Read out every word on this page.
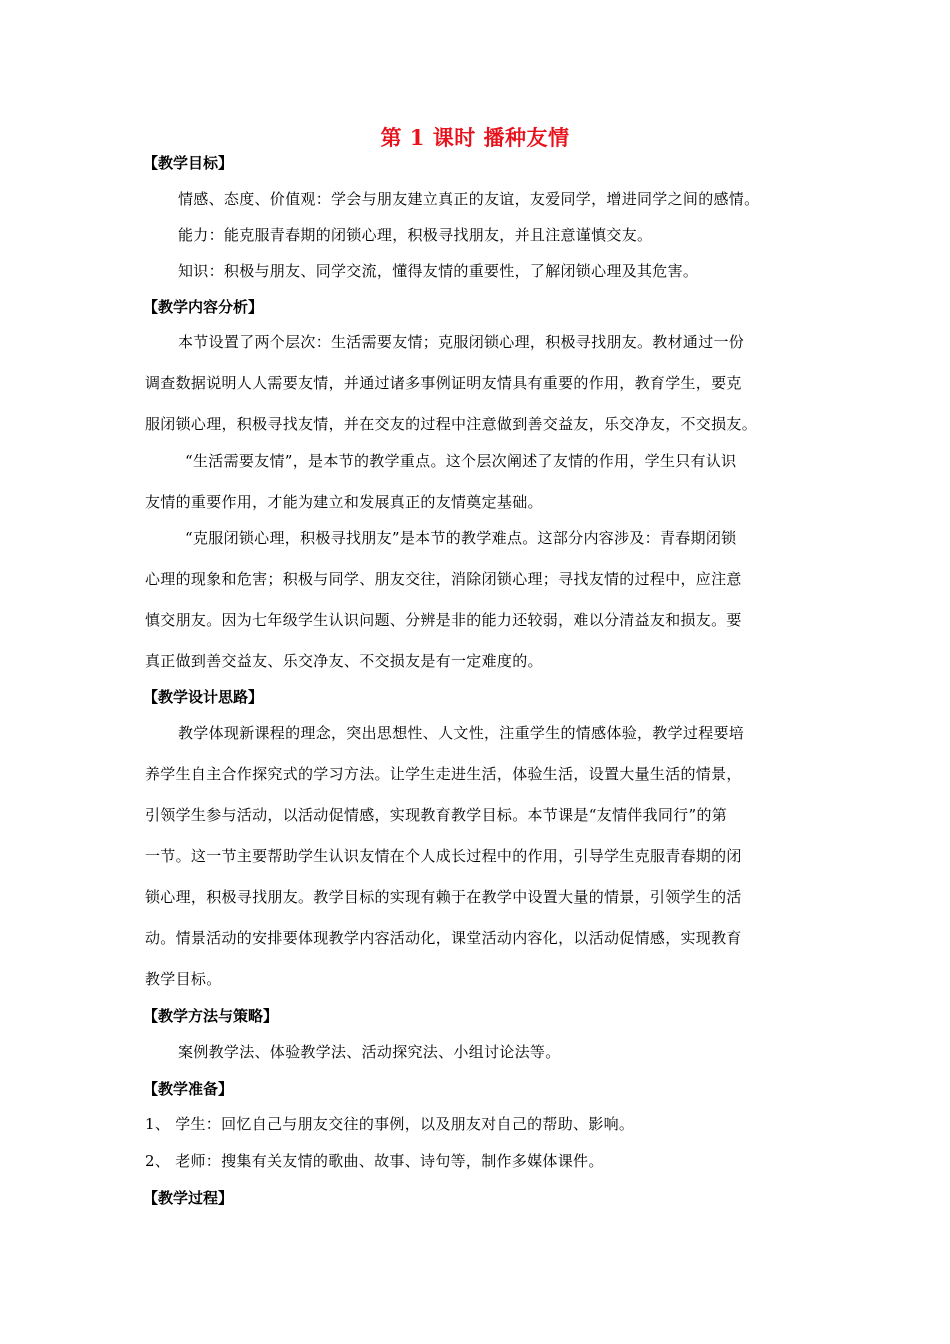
第 1 课时 播种友情
【教学目标】
情感、态度、价值观：学会与朋友建立真正的友谊，友爱同学，增进同学之间的感情。
能力：能克服青春期的闭锁心理，积极寻找朋友，并且注意谨慎交友。
知识：积极与朋友、同学交流，懂得友情的重要性，了解闭锁心理及其危害。
【教学内容分析】
本节设置了两个层次：生活需要友情；克服闭锁心理，积极寻找朋友。教材通过一份
调查数据说明人人需要友情，并通过诸多事例证明友情具有重要的作用，教育学生，要克
服闭锁心理，积极寻找友情，并在交友的过程中注意做到善交益友，乐交净友，不交损友。
“生活需要友情”，是本节的教学重点。这个层次阐述了友情的作用，学生只有认识
友情的重要作用，才能为建立和发展真正的友情奠定基础。
“克服闭锁心理，积极寻找朋友”是本节的教学难点。这部分内容涉及：青春期闭锁
心理的现象和危害；积极与同学、朋友交往，消除闭锁心理；寻找友情的过程中，应注意
慎交朋友。因为七年级学生认识问题、分辨是非的能力还较弱，难以分清益友和损友。要
真正做到善交益友、乐交净友、不交损友是有一定难度的。
【教学设计思路】
教学体现新课程的理念，突出思想性、人文性，注重学生的情感体验，教学过程要培
养学生自主合作探究式的学习方法。让学生走进生活，体验生活，设置大量生活的情景，
引领学生参与活动，以活动促情感，实现教育教学目标。本节课是“友情伴我同行”的第
一节。这一节主要帮助学生认识友情在个人成长过程中的作用，引导学生克服青春期的闭
锁心理，积极寻找朋友。教学目标的实现有赖于在教学中设置大量的情景，引领学生的活
动。情景活动的安排要体现教学内容活动化，课堂活动内容化，以活动促情感，实现教育
教学目标。
【教学方法与策略】
案例教学法、体验教学法、活动探究法、小组讨论法等。
【教学准备】
1、 学生：回忆自己与朋友交往的事例，以及朋友对自己的帮助、影响。
2、 老师：搜集有关友情的歌曲、故事、诗句等，制作多媒体课件。
【教学过程】
